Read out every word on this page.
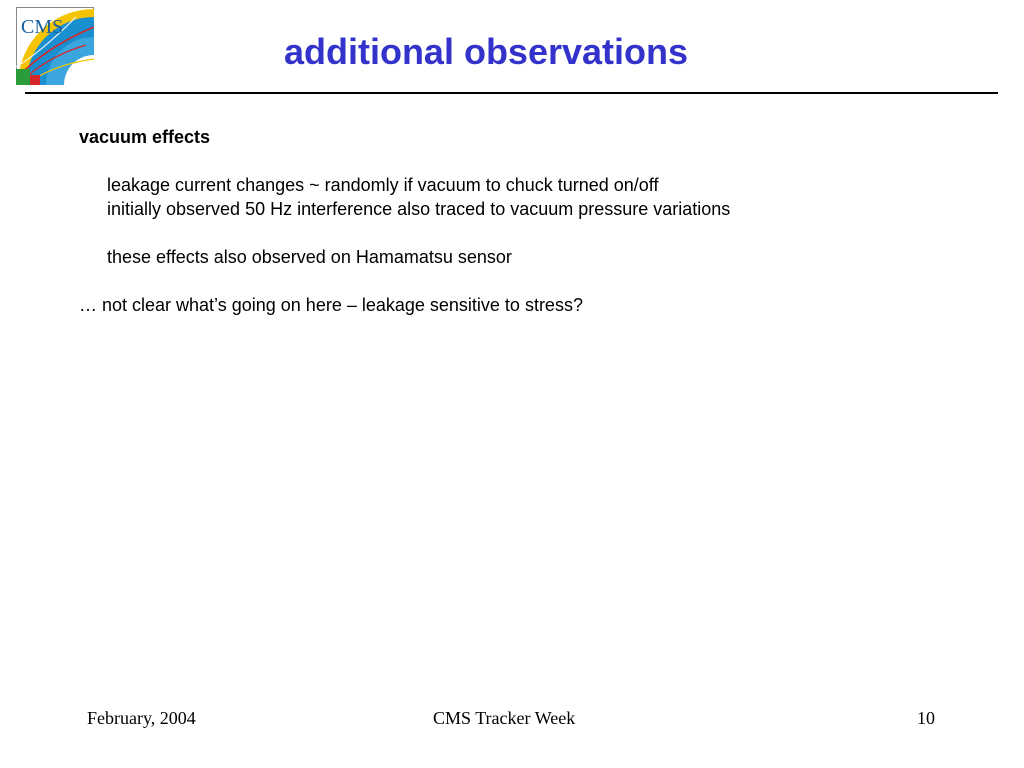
CMS
additional observations
vacuum effects
leakage current changes ~ randomly if vacuum to chuck turned on/off
initially observed 50 Hz interference also traced to vacuum pressure variations
these effects also observed on Hamamatsu sensor
… not clear what’s going on here – leakage sensitive to stress?
February, 2004	CMS Tracker Week	10
